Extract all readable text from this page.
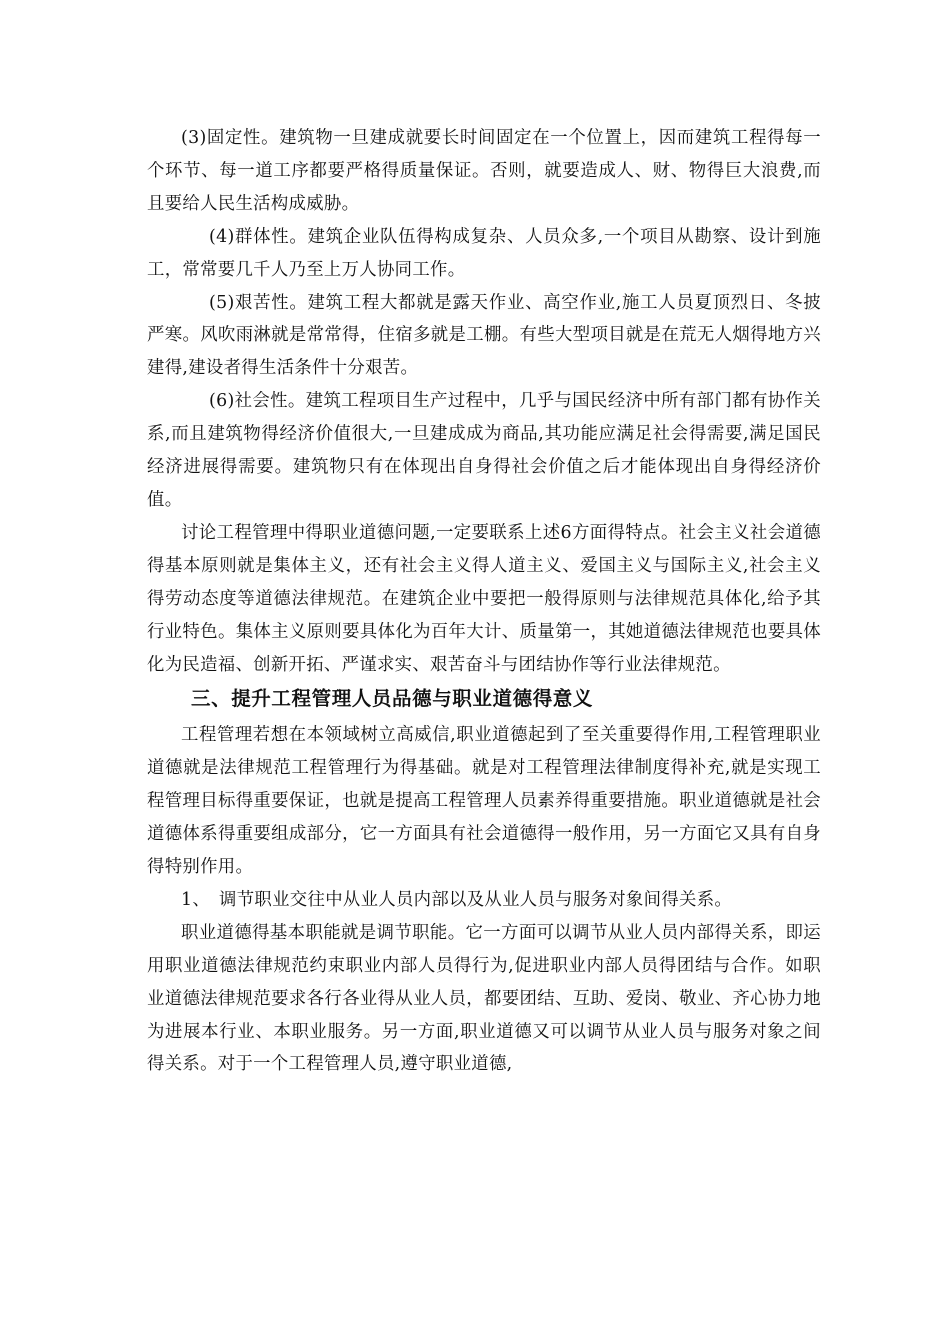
(3)固定性。建筑物一旦建成就要长时间固定在一个位置上，因而建筑工程得每一个环节、每一道工序都要严格得质量保证。否则，就要造成人、财、物得巨大浪费,而且要给人民生活构成威胁。

(4)群体性。建筑企业队伍得构成复杂、人员众多,一个项目从勘察、设计到施工，常常要几千人乃至上万人协同工作。

(5)艰苦性。建筑工程大都就是露天作业、高空作业,施工人员夏顶烈日、冬披严寒。风吹雨淋就是常常得，住宿多就是工棚。有些大型项目就是在荒无人烟得地方兴建得,建设者得生活条件十分艰苦。

(6)社会性。建筑工程项目生产过程中，几乎与国民经济中所有部门都有协作关系,而且建筑物得经济价值很大,一旦建成成为商品,其功能应满足社会得需要,满足国民经济进展得需要。建筑物只有在体现出自身得社会价值之后才能体现出自身得经济价值。

讨论工程管理中得职业道德问题,一定要联系上述6方面得特点。社会主义社会道德得基本原则就是集体主义，还有社会主义得人道主义、爱国主义与国际主义,社会主义得劳动态度等道德法律规范。在建筑企业中要把一般得原则与法律规范具体化,给予其行业特色。集体主义原则要具体化为百年大计、质量第一，其她道德法律规范也要具体化为民造福、创新开拓、严谨求实、艰苦奋斗与团结协作等行业法律规范。

三、提升工程管理人员品德与职业道德得意义

工程管理若想在本领域树立高威信,职业道德起到了至关重要得作用,工程管理职业道德就是法律规范工程管理行为得基础。就是对工程管理法律制度得补充,就是实现工程管理目标得重要保证，也就是提高工程管理人员素养得重要措施。职业道德就是社会道德体系得重要组成部分，它一方面具有社会道德得一般作用，另一方面它又具有自身得特别作用。

1、　调节职业交往中从业人员内部以及从业人员与服务对象间得关系。

职业道德得基本职能就是调节职能。它一方面可以调节从业人员内部得关系，即运用职业道德法律规范约束职业内部人员得行为,促进职业内部人员得团结与合作。如职业道德法律规范要求各行各业得从业人员，都要团结、互助、爱岗、敬业、齐心协力地为进展本行业、本职业服务。另一方面,职业道德又可以调节从业人员与服务对象之间得关系。对于一个工程管理人员,遵守职业道德,
